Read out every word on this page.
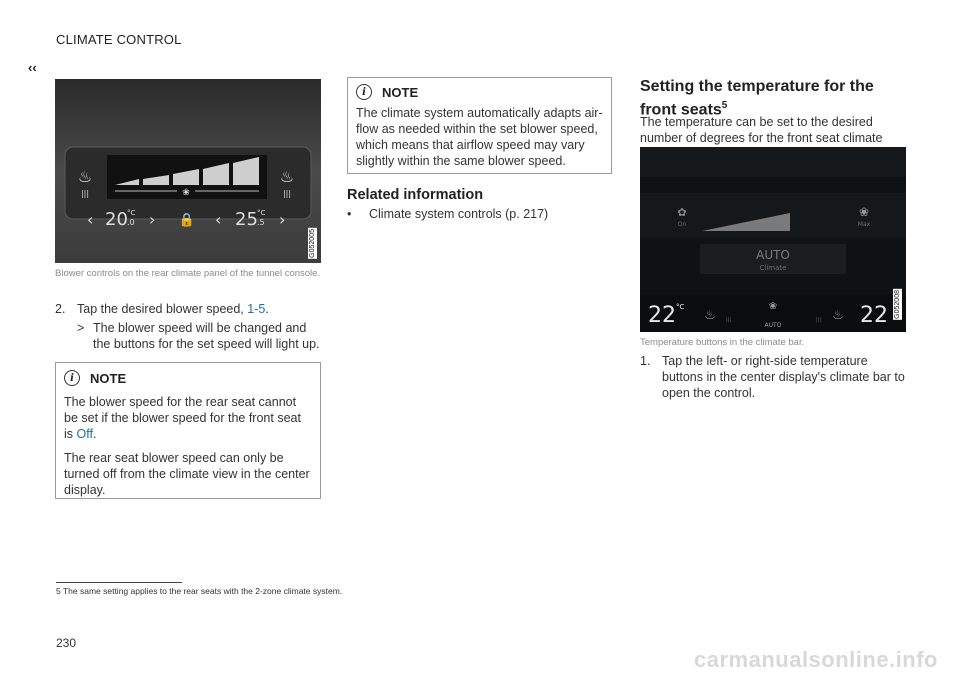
CLIMATE CONTROL
‹‹
❀
♨
|||
♨
|||
‹ 20 °C
.0 › 🔒 ‹ 25 °C
.5 ›
G052005
Blower controls on the rear climate panel of the tunnel console.
2. Tap the desired blower speed, 1-5.
> The blower speed will be changed and the buttons for the set speed will light up.
i	NOTE
The blower speed for the rear seat cannot be set if the blower speed for the front seat is Off.
The rear seat blower speed can only be turned off from the climate view in the center display.
i	NOTE
The climate system automatically adapts air-flow as needed within the set blower speed, which means that airflow speed may vary slightly within the same blower speed.
Related information
•	Climate system controls (p. 217)
Setting the temperature for the front seats$^5$
The temperature can be set to the desired number of degrees for the front seat climate
✿
On
❀
Max
AUTO
Climate
22 °C
♨ |||
❀
AUTO
||| ♨ 22 G052008
Temperature buttons in the climate bar.
1. Tap the left- or right-side temperature buttons in the center display's climate bar to open the control.
5 The same setting applies to the rear seats with the 2-zone climate system.
230
carmanualsonline.info
